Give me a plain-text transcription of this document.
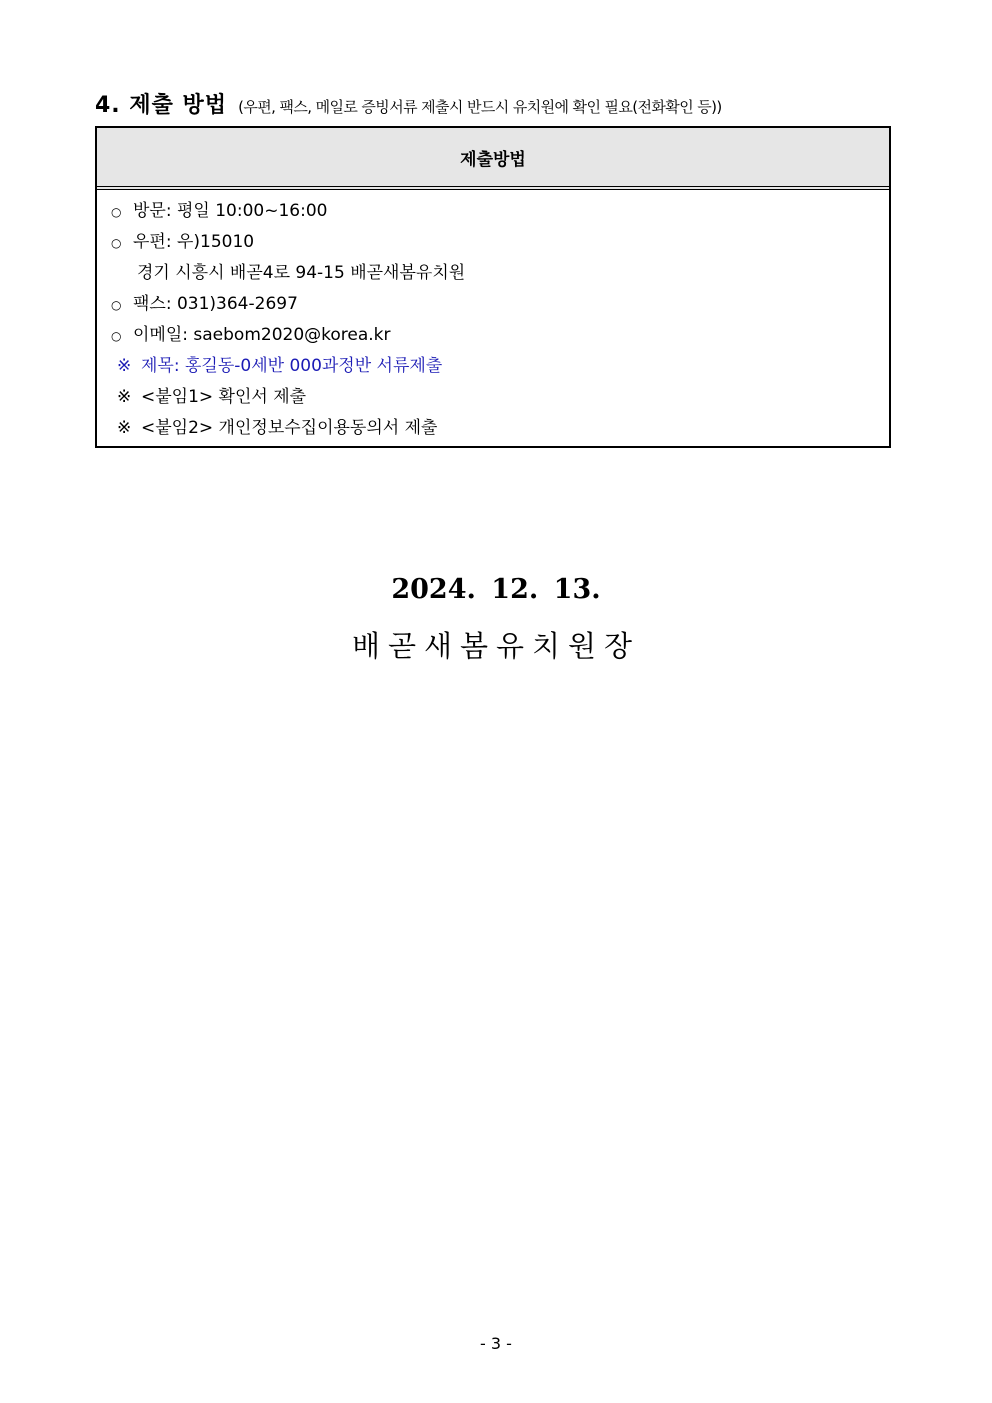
4. 제출 방법 (우편, 팩스, 메일로 증빙서류 제출시 반드시 유치원에 확인 필요(전화확인 등))
제출방법
○ 방문: 평일 10:00~16:00
○ 우편: 우)15010
경기 시흥시 배곧4로 94-15 배곧새봄유치원
○ 팩스: 031)364-2697
○ 이메일: saebom2020@korea.kr
※ 제목: 홍길동-0세반 000과정반 서류제출
※ <붙임1> 확인서 제출
※ <붙임2> 개인정보수집이용동의서 제출
2024. 12. 13.
배곧새봄유치원장
- 3 -
